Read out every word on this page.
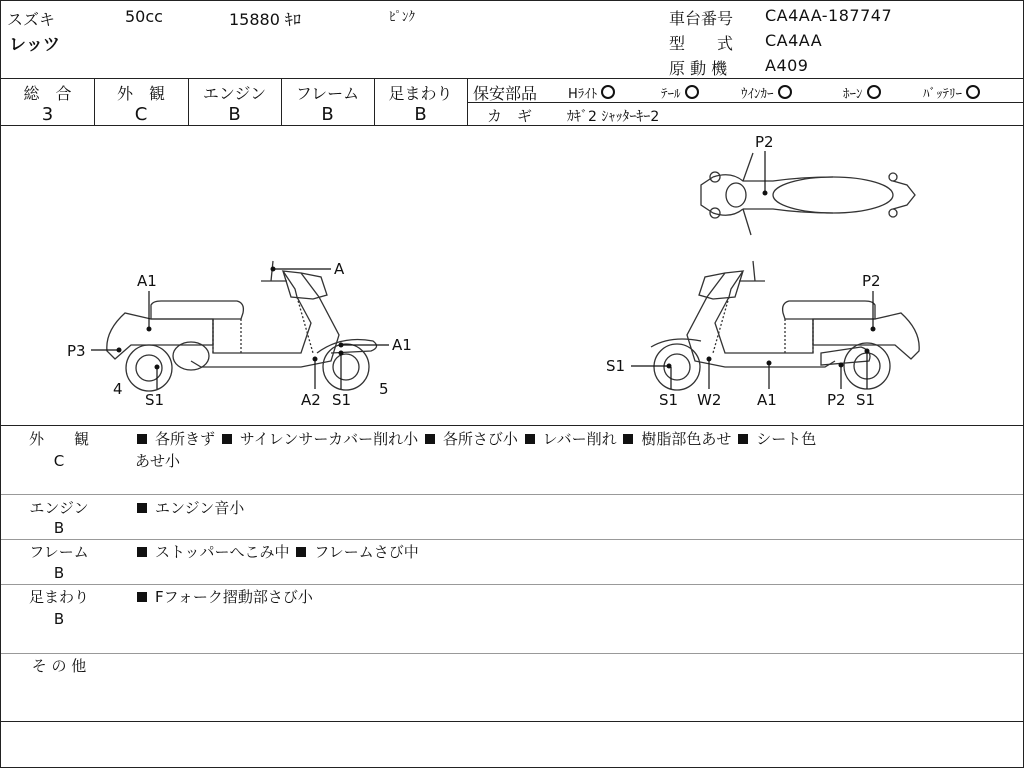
スズキ
レッツ
50cc	15880 ｷﾛ	ﾋﾟﾝｸ	車台番号 CA4AA-187747
型　　式 CA4AA
原 動 機 A409
総　合
3
外　観
C
エンジン
B
フレーム
B
足まわり
B
保安部品 Hﾗｲﾄ	ﾃｰﾙ	ｳｲﾝｶｰ	ﾎｰﾝ	ﾊﾞｯﾃﾘｰ
カ　ギ ｶｷﾞ2 ｼｬｯﾀｰｷｰ2
A1
A
P3	A1
4
S1	A2 S1
5
P2
P2
S1
S1 W2 A1	P2 S1
外　　観
C
各所きず サイレンサーカバー削れ小 各所さび小 レバー削れ 樹脂部色あせ シート色
あせ小
エンジン
B
エンジン音小
フレーム
B
ストッパーへこみ中 フレームさび中
足まわり
B
Fフォーク摺動部さび小
そ の 他
